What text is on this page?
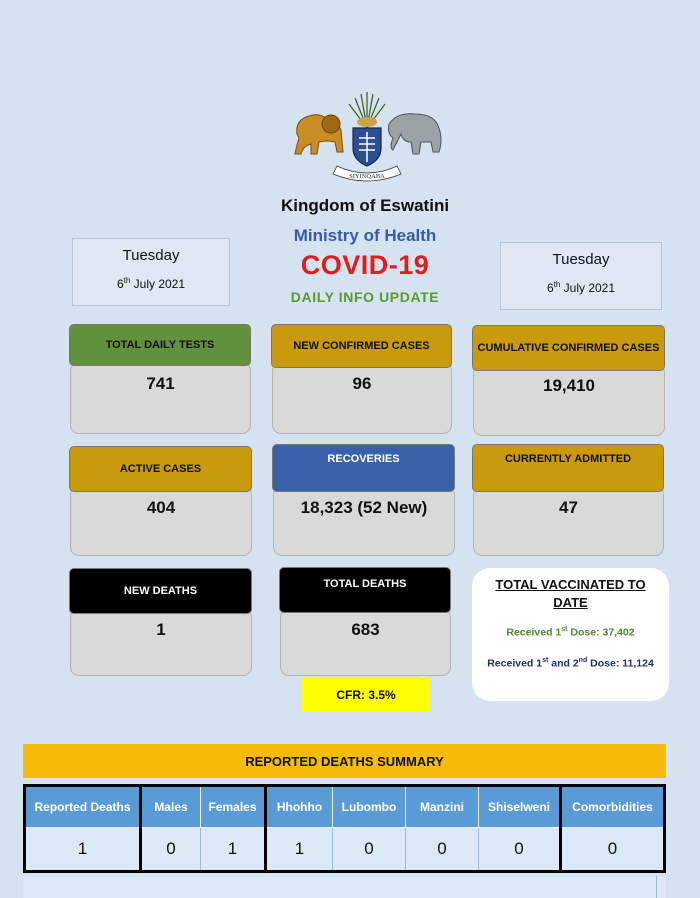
SIYINQABA
Kingdom of Eswatini
Ministry of Health
COVID-19
DAILY INFO UPDATE
Tuesday
6th July 2021
Tuesday
6th July 2021
741
TOTAL DAILY TESTS
96
NEW CONFIRMED CASES
19,410
CUMULATIVE CONFIRMED CASES
404
ACTIVE CASES
18,323 (52 New)
RECOVERIES
47
CURRENTLY ADMITTED
1
NEW DEATHS
683
TOTAL DEATHS
CFR: 3.5%
TOTAL VACCINATED TO
DATE
Received 1st Dose: 37,402
Received 1st and 2nd Dose: 11,124
REPORTED DEATHS SUMMARY
Reported Deaths	Males	Females	Hhohho	Lubombo	Manzini	Shiselweni	Comorbidities
1	0	1	1	0	0	0	0
